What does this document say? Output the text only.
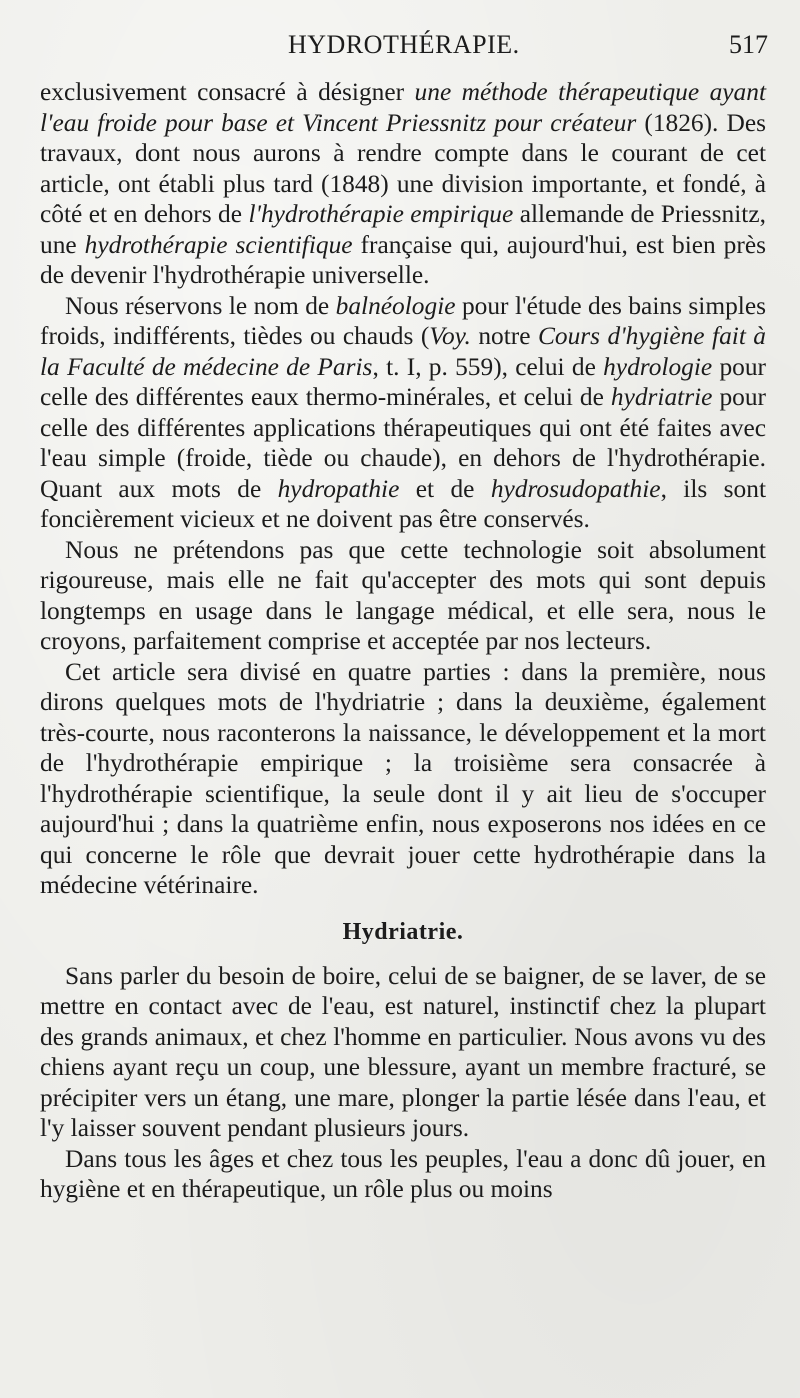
HYDROTHÉRAPIE.	517

exclusivement consacré à désigner une méthode thérapeutique ayant l'eau froide pour base et Vincent Priessnitz pour créateur (1826). Des travaux, dont nous aurons à rendre compte dans le courant de cet article, ont établi plus tard (1848) une division importante, et fondé, à côté et en dehors de l'hydrothérapie empirique allemande de Priessnitz, une hydrothérapie scientifique française qui, aujourd'hui, est bien près de devenir l'hydrothérapie universelle.

Nous réservons le nom de balnéologie pour l'étude des bains simples froids, indifférents, tièdes ou chauds (Voy. notre Cours d'hygiène fait à la Faculté de médecine de Paris, t. I, p. 559), celui de hydrologie pour celle des différentes eaux thermo-minérales, et celui de hydriatrie pour celle des différentes applications thérapeutiques qui ont été faites avec l'eau simple (froide, tiède ou chaude), en dehors de l'hydrothérapie. Quant aux mots de hydropathie et de hydrosudopathie, ils sont foncièrement vicieux et ne doivent pas être conservés.

Nous ne prétendons pas que cette technologie soit absolument rigoureuse, mais elle ne fait qu'accepter des mots qui sont depuis longtemps en usage dans le langage médical, et elle sera, nous le croyons, parfaitement comprise et acceptée par nos lecteurs.

Cet article sera divisé en quatre parties : dans la première, nous dirons quelques mots de l'hydriatrie ; dans la deuxième, également très-courte, nous raconterons la naissance, le développement et la mort de l'hydrothérapie empirique ; la troisième sera consacrée à l'hydrothérapie scientifique, la seule dont il y ait lieu de s'occuper aujourd'hui ; dans la quatrième enfin, nous exposerons nos idées en ce qui concerne le rôle que devrait jouer cette hydrothérapie dans la médecine vétérinaire.

Hydriatrie.

Sans parler du besoin de boire, celui de se baigner, de se laver, de se mettre en contact avec de l'eau, est naturel, instinctif chez la plupart des grands animaux, et chez l'homme en particulier. Nous avons vu des chiens ayant reçu un coup, une blessure, ayant un membre fracturé, se précipiter vers un étang, une mare, plonger la partie lésée dans l'eau, et l'y laisser souvent pendant plusieurs jours.

Dans tous les âges et chez tous les peuples, l'eau a donc dû jouer, en hygiène et en thérapeutique, un rôle plus ou moins
